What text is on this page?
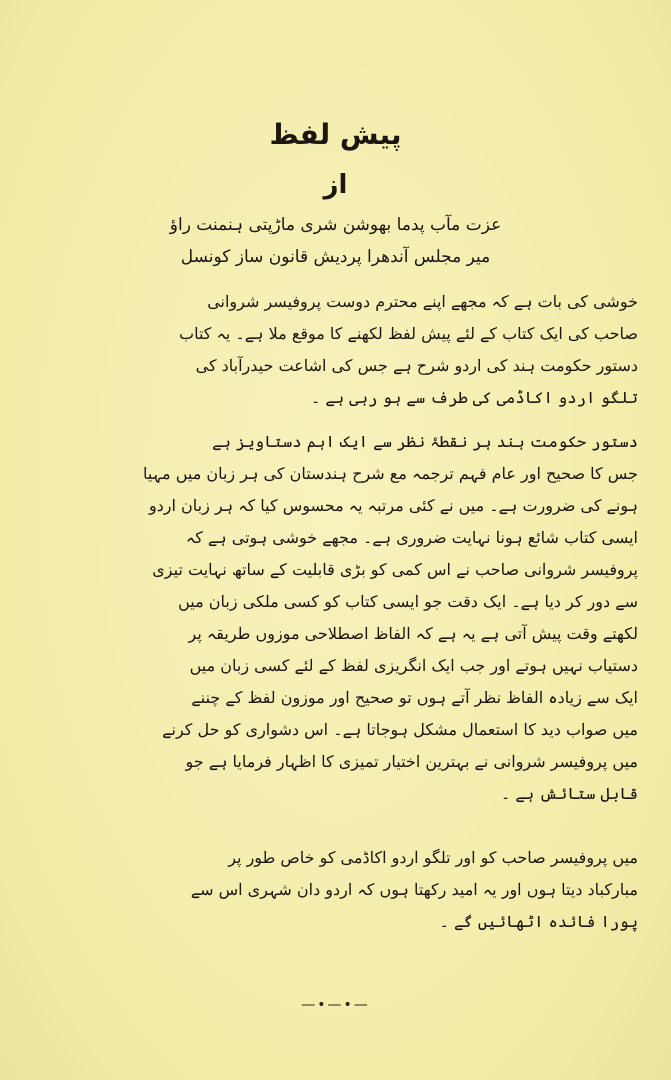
پیش لفظ
از
عزت مآب پدما بھوشن شری ماڑپتی ہنمنت راؤ
میر مجلس آندھرا پردیش قانون ساز کونسل
خوشی کی بات ہے کہ مجھے اپنے محترم دوست پروفیسر شروانی
صاحب کی ایک کتاب کے لئے پیش لفظ لکھنے کا موقع ملا ہے۔ یہ کتاب
دستور حکومت ہند کی اردو شرح ہے جس کی اشاعت حیدرآباد کی
تلگو اردو اکاڈمی کی طرف سے ہو رہی ہے ۔
دستور حکومت ہند ہر نقطۂ نظر سے ایک اہم دستاویز ہے
جس کا صحیح اور عام فہم ترجمہ مع شرح ہندستان کی ہر زبان میں مہیا
ہونے کی ضرورت ہے۔ میں نے کئی مرتبہ یہ محسوس کیا کہ ہر زبان اردو
ایسی کتاب شائع ہونا نہایت ضروری ہے۔ مجھے خوشی ہوتی ہے کہ
پروفیسر شروانی صاحب نے اس کمی کو بڑی قابلیت کے ساتھ نہایت تیزی
سے دور کر دیا ہے۔ ایک دقت جو ایسی کتاب کو کسی ملکی زبان میں
لکھتے وقت پیش آتی ہے یہ ہے کہ الفاظ اصطلاحی موزوں طریقہ پر
دستیاب نہیں ہوتے اور جب ایک انگریزی لفظ کے لئے کسی زبان میں
ایک سے زیادہ الفاظ نظر آتے ہوں تو صحیح اور موزون لفظ کے چننے
میں صواب دید کا استعمال مشکل ہوجاتا ہے۔ اس دشواری کو حل کرنے
میں پروفیسر شروانی نے بہترین اختیار تمیزی کا اظہار فرمایا ہے جو
قابل ستائش ہے ۔
میں پروفیسر صاحب کو اور تلگو اردو اکاڈمی کو خاص طور پر
مبارکباد دیتا ہوں اور یہ امید رکھتا ہوں کہ اردو دان شہری اس سے
پورا فائدہ اٹھائیں گے ۔
—•—•—
